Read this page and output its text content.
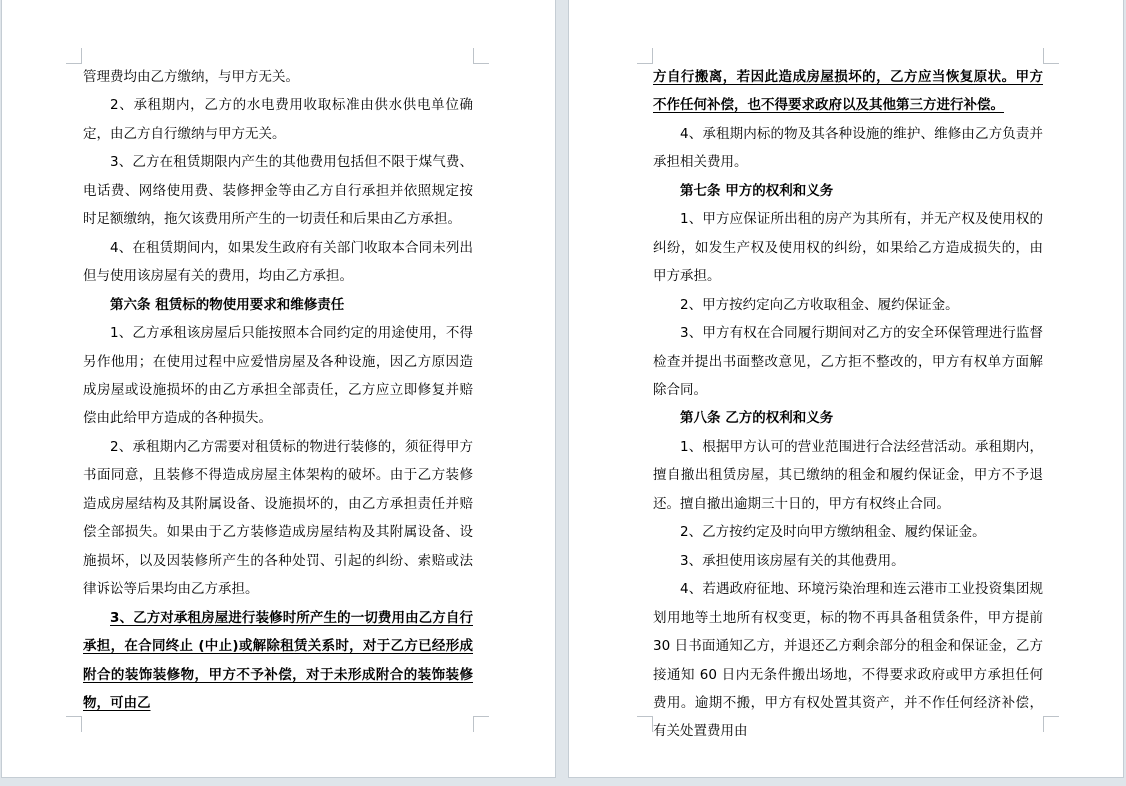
管理费均由乙方缴纳，与甲方无关。

2、承租期内，乙方的水电费用收取标准由供水供电单位确定，由乙方自行缴纳与甲方无关。

3、乙方在租赁期限内产生的其他费用包括但不限于煤气费、电话费、网络使用费、装修押金等由乙方自行承担并依照规定按时足额缴纳，拖欠该费用所产生的一切责任和后果由乙方承担。

4、在租赁期间内，如果发生政府有关部门收取本合同未列出但与使用该房屋有关的费用，均由乙方承担。

第六条 租赁标的物使用要求和维修责任

1、乙方承租该房屋后只能按照本合同约定的用途使用，不得另作他用；在使用过程中应爱惜房屋及各种设施，因乙方原因造成房屋或设施损坏的由乙方承担全部责任，乙方应立即修复并赔偿由此给甲方造成的各种损失。

2、承租期内乙方需要对租赁标的物进行装修的，须征得甲方书面同意，且装修不得造成房屋主体架构的破坏。由于乙方装修造成房屋结构及其附属设备、设施损坏的，由乙方承担责任并赔偿全部损失。如果由于乙方装修造成房屋结构及其附属设备、设施损坏，以及因装修所产生的各种处罚、引起的纠纷、索赔或法律诉讼等后果均由乙方承担。

3、乙方对承租房屋进行装修时所产生的一切费用由乙方自行承担，在合同终止 (中止)或解除租赁关系时，对于乙方已经形成附合的装饰装修物，甲方不予补偿，对于未形成附合的装饰装修物，可由乙

方自行搬离，若因此造成房屋损坏的，乙方应当恢复原状。甲方不作任何补偿，也不得要求政府以及其他第三方进行补偿。

4、承租期内标的物及其各种设施的维护、维修由乙方负责并承担相关费用。

第七条 甲方的权利和义务

1、甲方应保证所出租的房产为其所有，并无产权及使用权的纠纷，如发生产权及使用权的纠纷，如果给乙方造成损失的，由甲方承担。

2、甲方按约定向乙方收取租金、履约保证金。

3、甲方有权在合同履行期间对乙方的安全环保管理进行监督检查并提出书面整改意见，乙方拒不整改的，甲方有权单方面解除合同。

第八条 乙方的权利和义务

1、根据甲方认可的营业范围进行合法经营活动。承租期内，擅自撤出租赁房屋，其已缴纳的租金和履约保证金，甲方不予退还。擅自撤出逾期三十日的，甲方有权终止合同。

2、乙方按约定及时向甲方缴纳租金、履约保证金。

3、承担使用该房屋有关的其他费用。

4、若遇政府征地、环境污染治理和连云港市工业投资集团规划用地等土地所有权变更，标的物不再具备租赁条件，甲方提前 30 日书面通知乙方，并退还乙方剩余部分的租金和保证金，乙方接通知 60 日内无条件搬出场地，不得要求政府或甲方承担任何费用。逾期不搬，甲方有权处置其资产，并不作任何经济补偿，有关处置费用由
